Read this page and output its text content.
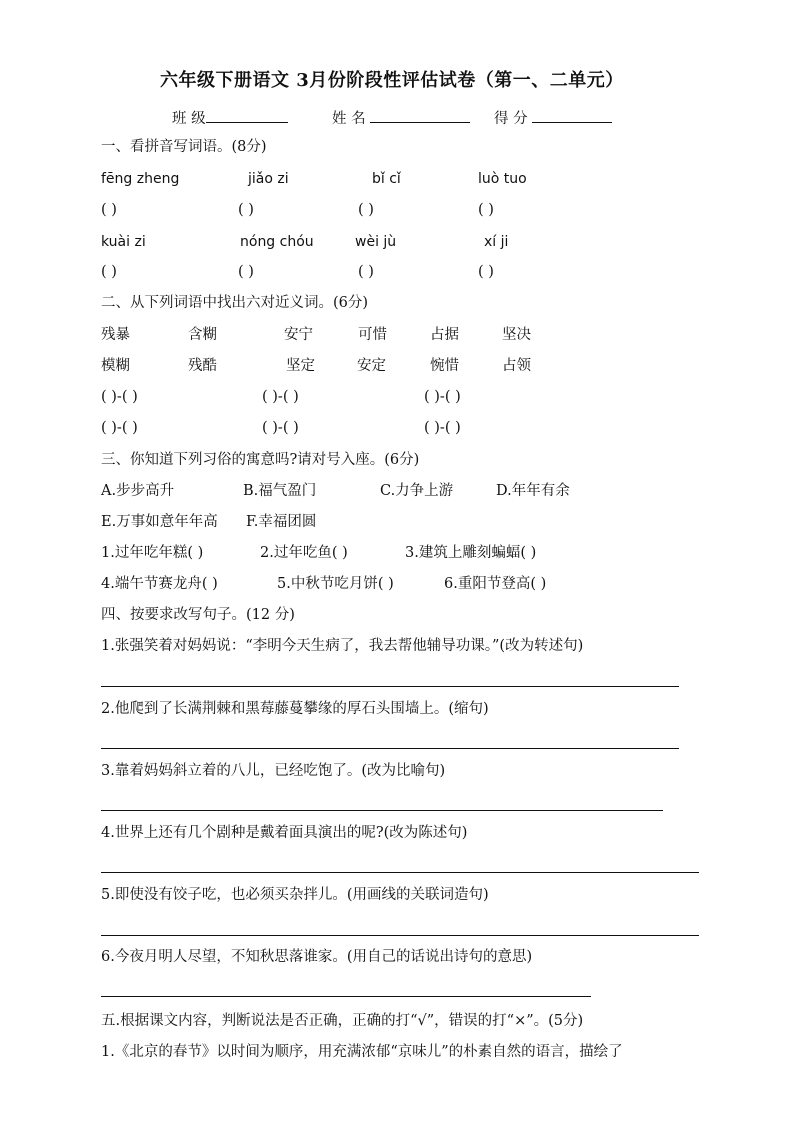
六年级下册语文 3月份阶段性评估试卷（第一、二单元）
班 级	姓 名	得 分
一、看拼音写词语。(8分)
fēng zheng	jiǎo zi	bǐ cǐ	luò tuo
( )	( )	( )	( )
kuài zi	nóng chóu	wèi jù	xí ji
( )	( )	( )	( )
二、从下列词语中找出六对近义词。(6分)
残暴	含糊	安宁	可惜	占据	坚决
模糊	残酷	坚定	安定	惋惜	占领
( )-( )	( )-( )	( )-( )
( )-( )	( )-( )	( )-( )
三、你知道下列习俗的寓意吗?请对号入座。(6分)
A.步步高升	B.福气盈门	C.力争上游	D.年年有余
E.万事如意年年高 F.幸福团圆
1.过年吃年糕( )	2.过年吃鱼( )	3.建筑上雕刻蝙蝠( )
4.端午节赛龙舟( )	5.中秋节吃月饼( )	6.重阳节登高( )
四、按要求改写句子。(12 分)
1.张强笑着对妈妈说：“李明今天生病了，我去帮他辅导功课。”(改为转述句)
2.他爬到了长满荆棘和黑莓藤蔓攀缘的厚石头围墙上。(缩句)
3.靠着妈妈斜立着的八儿，已经吃饱了。(改为比喻句)
4.世界上还有几个剧种是戴着面具演出的呢?(改为陈述句)
5.即使没有饺子吃，也必须买杂拌儿。(用画线的关联词造句)
6.今夜月明人尽望，不知秋思落谁家。(用自己的话说出诗句的意思)
五.根据课文内容，判断说法是否正确，正确的打“√”，错误的打“×”。(5分)
1.《北京的春节》以时间为顺序，用充满浓郁“京味儿”的朴素自然的语言，描绘了
